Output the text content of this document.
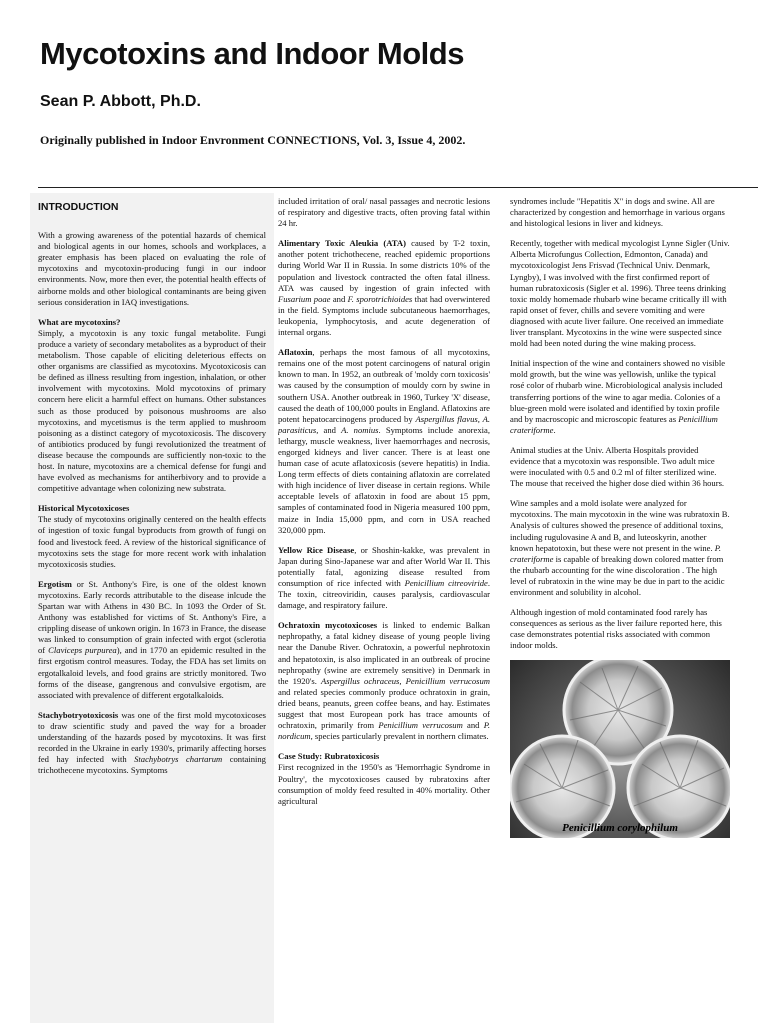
Mycotoxins and Indoor Molds
Sean P. Abbott, Ph.D.

Originally published in Indoor Envronment CONNECTIONS, Vol. 3, Issue 4, 2002.

INTRODUCTION

With a growing awareness of the potential hazards of chemical and biological agents in our homes, schools and workplaces, a greater emphasis has been placed on evaluating the role of mycotoxins and mycotoxin-producing fungi in our indoor environments. Now, more then ever, the potential health effects of airborne molds and other biological contaminants are being given serious consideration in IAQ investigations.

What are mycotoxins?
Simply, a mycotoxin is any toxic fungal metabolite. Fungi produce a variety of secondary metabolites as a byproduct of their metabolism. Those capable of eliciting deleterious effects on other organisms are classified as mycotoxins. Mycotoxicosis can be defined as illness resulting from ingestion, inhalation, or other involvement with mycotoxins. Mold mycotoxins of primary concern here elicit a harmful effect on humans. Other substances such as those produced by poisonous mushrooms are also mycotoxins, and mycetismus is the term applied to mushroom poisoning as a distinct category of mycotoxicosis. The discovery of antibiotics produced by fungi revolutionized the treatment of disease because the compounds are sufficiently non-toxic to the host. In nature, mycotoxins are a chemical defense for fungi and have evolved as mechanisms for antiherbivory and to provide a competitive advantage when colonizing new substrata.

Historical Mycotoxicoses
The study of mycotoxins originally centered on the health effects of ingestion of toxic fungal byproducts from growth of fungi on food and livestock feed. A review of the historical significance of mycotoxins sets the stage for more recent work with inhalation mycotoxicosis studies.

Ergotism or St. Anthony's Fire, is one of the oldest known mycotoxins. Early records attributable to the disease inlcude the Spartan war with Athens in 430 BC. In 1093 the Order of St. Anthony was established for victims of St. Anthony's Fire, a crippling disease of unkown origin. In 1673 in France, the disease was linked to consumption of grain infected with ergot (sclerotia of Claviceps purpurea), and in 1770 an epidemic resulted in the first ergotism control measures. Today, the FDA has set limits on ergotalkaloid levels, and food grains are strictly monitored. Two forms of the disease, gangrenous and convulsive ergotism, are associated with prevalence of different ergotalkaloids.

Stachybotryotoxicosis was one of the first mold mycotoxicoses to draw scientific study and paved the way for a broader understanding of the hazards posed by mycotoxins. It was first recorded in the Ukraine in early 1930's, primarily affecting horses fed hay infected with Stachybotrys chartarum containing trichothecene mycotoxins. Symptoms

included irritation of oral/ nasal passages and necrotic lesions of respiratory and digestive tracts, often proving fatal within 24 hr.

Alimentary Toxic Aleukia (ATA) caused by T-2 toxin, another potent trichothecene, reached epidemic proportions during World War II in Russia. In some districts 10% of the population and livestock contracted the often fatal illness. ATA was caused by ingestion of grain infected with Fusarium poae and F. sporotrichioides that had overwintered in the field. Symptoms include subcutaneous haemorrhages, leukopenia, lymphocytosis, and acute degeneration of internal organs.

Aflatoxin, perhaps the most famous of all mycotoxins, remains one of the most potent carcinogens of natural origin known to man. In 1952, an outbreak of 'moldy corn toxicosis' was caused by the consumption of mouldy corn by swine in southern USA. Another outbreak in 1960, Turkey 'X' disease, caused the death of 100,000 poults in England. Aflatoxins are potent hepatocarcinogens produced by Aspergillus flavus, A. parasiticus, and A. nomius. Symptoms include anorexia, lethargy, muscle weakness, liver haemorrhages and necrosis, engorged kidneys and liver cancer. There is at least one human case of acute aflatoxicosis (severe hepatitis) in India. Long term effects of diets containing aflatoxin are correlated with high incidence of liver disease in certain regions. While acceptable levels of aflatoxin in food are about 15 ppm, samples of contaminated food in Nigeria measured 100 ppm, maize in India 15,000 ppm, and corn in USA reached 320,000 ppm.

Yellow Rice Disease, or Shoshin-kakke, was prevalent in Japan during Sino-Japanese war and after World War II. This potentially fatal, agonizing disease resulted from consumption of rice infected with Penicillium citreoviride. The toxin, citreoviridin, causes paralysis, cardiovascular damage, and respiratory failure.

Ochratoxin mycotoxicoses is linked to endemic Balkan nephropathy, a fatal kidney disease of young people living near the Danube River. Ochratoxin, a powerful nephrotoxin and hepatotoxin, is also implicated in an outbreak of procine nephropathy (swine are extremely sensitive) in Denmark in the 1920's. Aspergillus ochraceus, Penicillium verrucosum and related species commonly produce ochratoxin in grain, dried beans, peanuts, green coffee beans, and hay. Estimates suggest that most European pork has trace amounts of ochratoxin, primarily from Penicillium verrucosum and P. nordicum, species particularly prevalent in northern climates.

Case Study: Rubratoxicosis
First recognized in the 1950's as 'Hemorrhagic Syndrome in Poultry', the mycotoxicoses caused by rubratoxins after consumption of moldy feed resulted in 40% mortality. Other agricultural

syndromes include "Hepatitis X" in dogs and swine. All are characterized by congestion and hemorrhage in various organs and histological lesions in liver and kidneys.

Recently, together with medical mycologist Lynne Sigler (Univ. Alberta Microfungus Collection, Edmonton, Canada) and mycotoxicologist Jens Frisvad (Technical Univ. Denmark, Lyngby), I was involved with the first confirmed report of human rubratoxicosis (Sigler et al. 1996). Three teens drinking toxic moldy homemade rhubarb wine became critically ill with rapid onset of fever, chills and severe vomiting and were diagnosed with acute liver failure. One received an immediate liver transplant. Mycotoxins in the wine were suspected since mold had been noted during the wine making process.

Initial inspection of the wine and containers showed no visible mold growth, but the wine was yellowish, unlike the typical rosé color of rhubarb wine. Microbiological analysis included transferring portions of the wine to agar media. Colonies of a blue-green mold were isolated and identified by toxin profile and by macroscopic and microscopic features as Penicillium crateriforme.

Animal studies at the Univ. Alberta Hospitals provided evidence that a mycotoxin was responsible. Two adult mice were inoculated with 0.5 and 0.2 ml of filter sterilized wine. The mouse that received the higher dose died within 36 hours.

Wine samples and a mold isolate were analyzed for mycotoxins. The main mycotoxin in the wine was rubratoxin B. Analysis of cultures showed the presence of additional toxins, including rugulovasine A and B, and luteoskyrin, another known hepatotoxin, but these were not present in the wine. P. crateriforme is capable of breaking down colored matter from the rhubarb accounting for the wine discoloration . The high level of rubratoxin in the wine may be due in part to the acidic environment and solubility in alcohol.

Although ingestion of mold contaminated food rarely has consequences as serious as the liver failure reported here, this case demonstrates potential risks associated with common indoor molds.

Penicillium corylophilum
